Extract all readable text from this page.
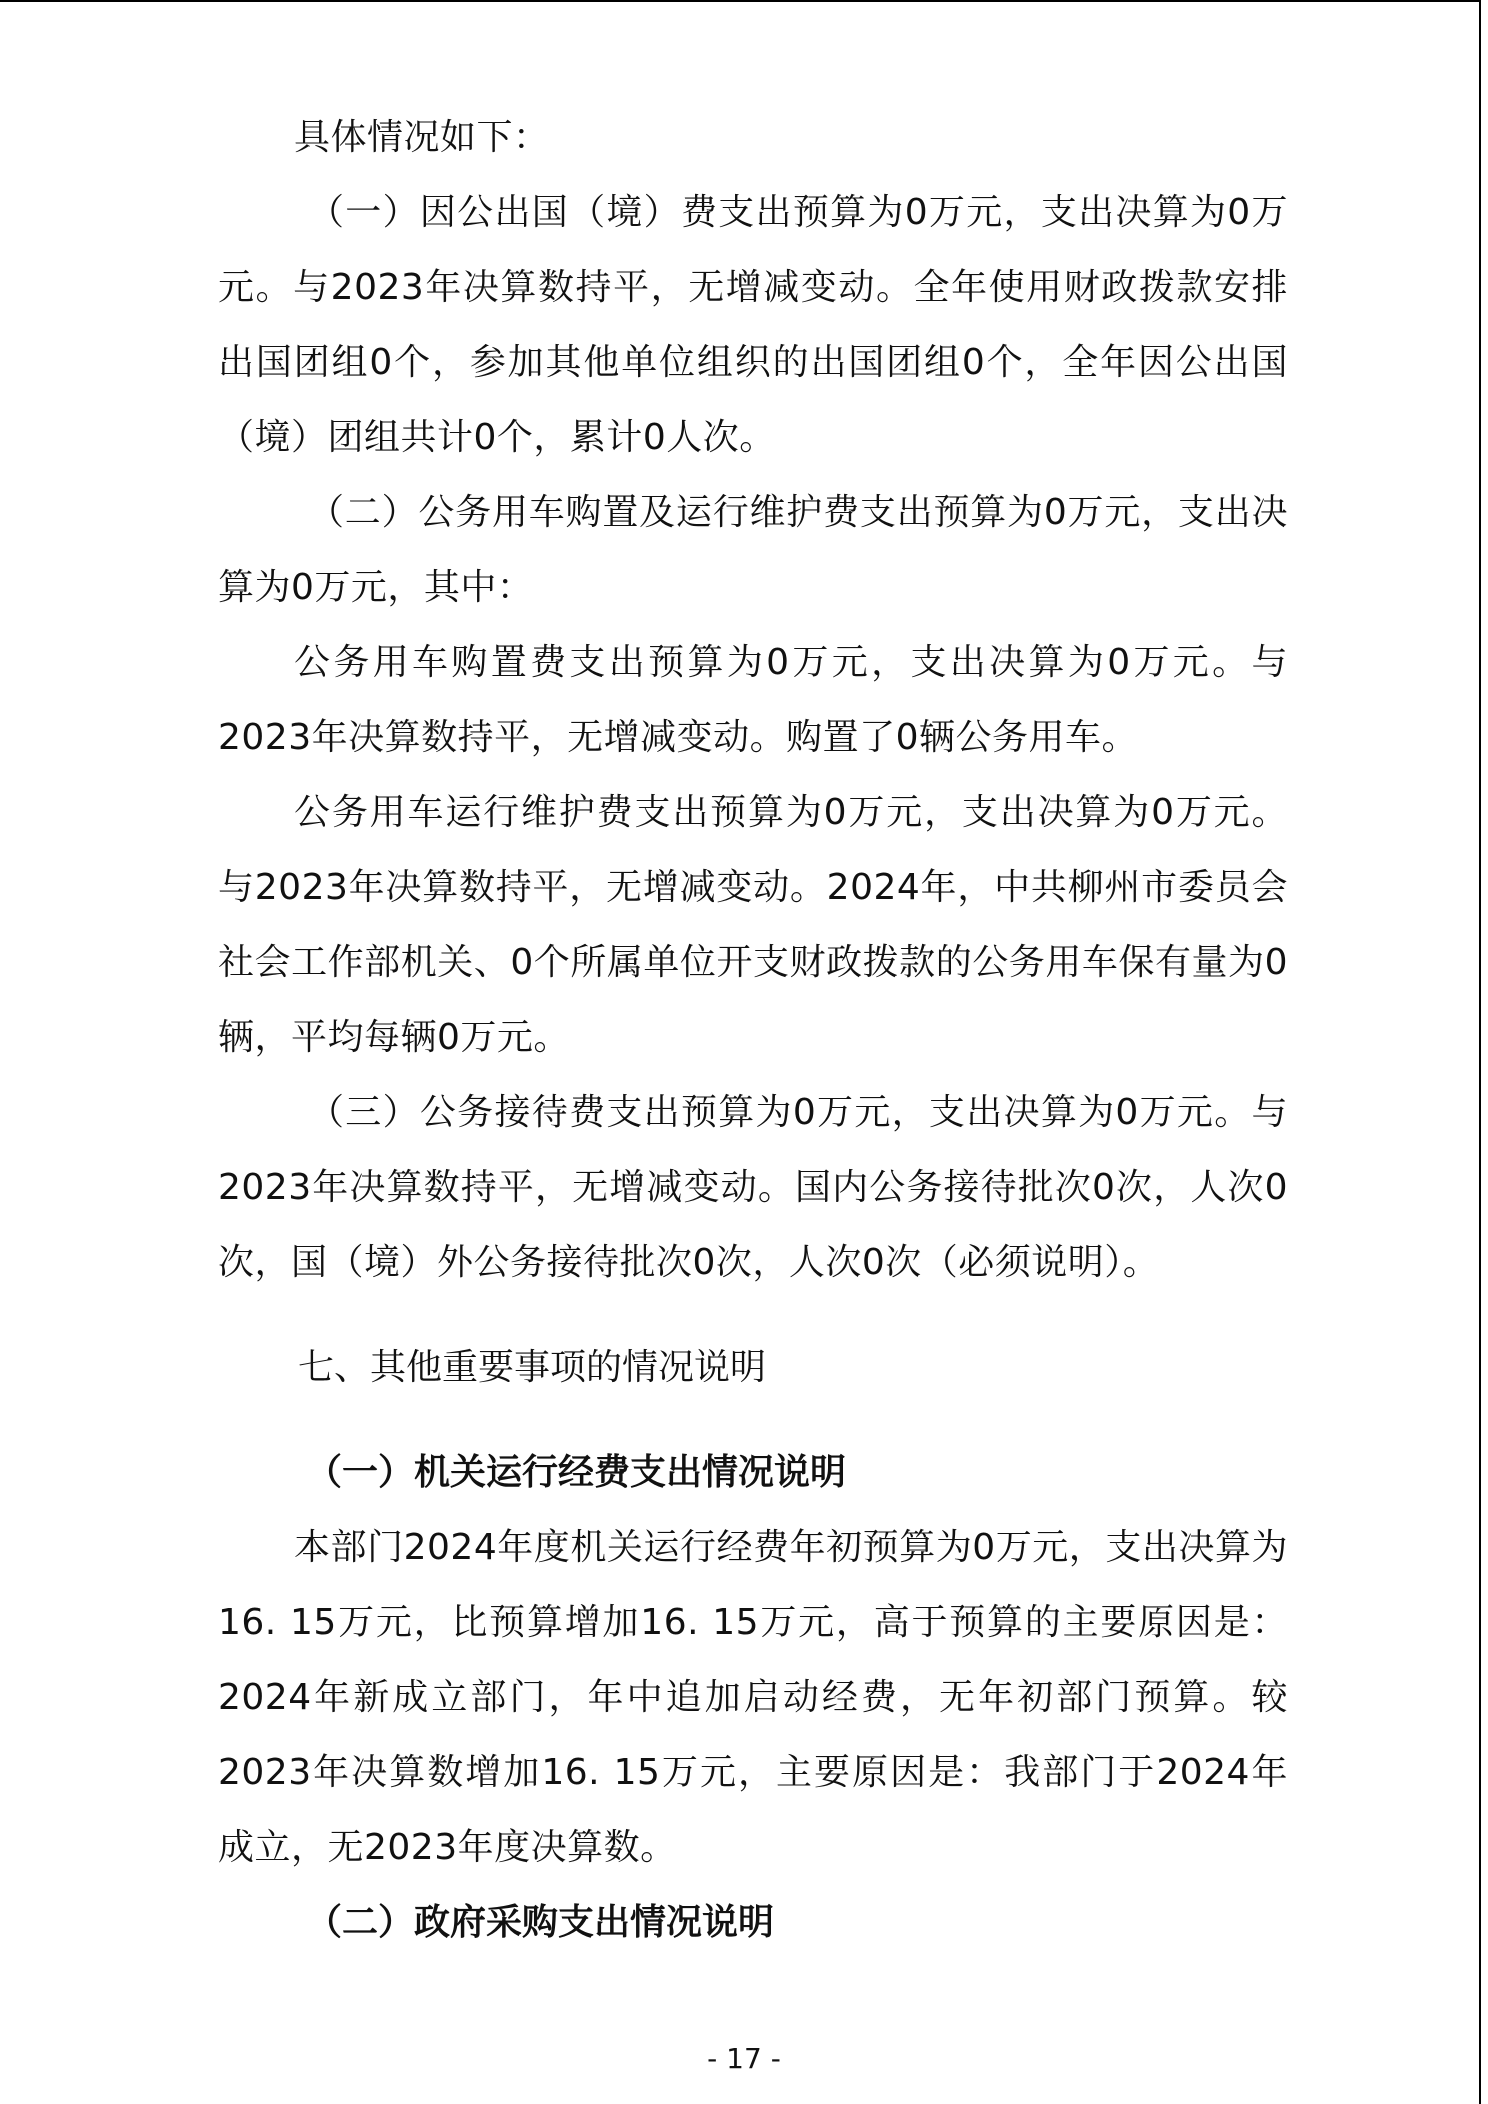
具体情况如下：

（一）因公出国（境）费支出预算为0万元，支出决算为0万元。与2023年决算数持平，无增减变动。全年使用财政拨款安排出国团组0个，参加其他单位组织的出国团组0个，全年因公出国（境）团组共计0个，累计0人次。

（二）公务用车购置及运行维护费支出预算为0万元，支出决算为0万元，其中：

公务用车购置费支出预算为0万元，支出决算为0万元。与2023年决算数持平，无增减变动。购置了0辆公务用车。

公务用车运行维护费支出预算为0万元，支出决算为0万元。与2023年决算数持平，无增减变动。2024年，中共柳州市委员会社会工作部机关、0个所属单位开支财政拨款的公务用车保有量为0辆，平均每辆0万元。

（三）公务接待费支出预算为0万元，支出决算为0万元。与2023年决算数持平，无增减变动。国内公务接待批次0次，人次0次，国（境）外公务接待批次0次，人次0次（必须说明）。

七、其他重要事项的情况说明

（一）机关运行经费支出情况说明

本部门2024年度机关运行经费年初预算为0万元，支出决算为16. 15万元，比预算增加16. 15万元，高于预算的主要原因是：2024年新成立部门，年中追加启动经费，无年初部门预算。较2023年决算数增加16. 15万元，主要原因是：我部门于2024年成立，无2023年度决算数。

（二）政府采购支出情况说明

- 17 -
